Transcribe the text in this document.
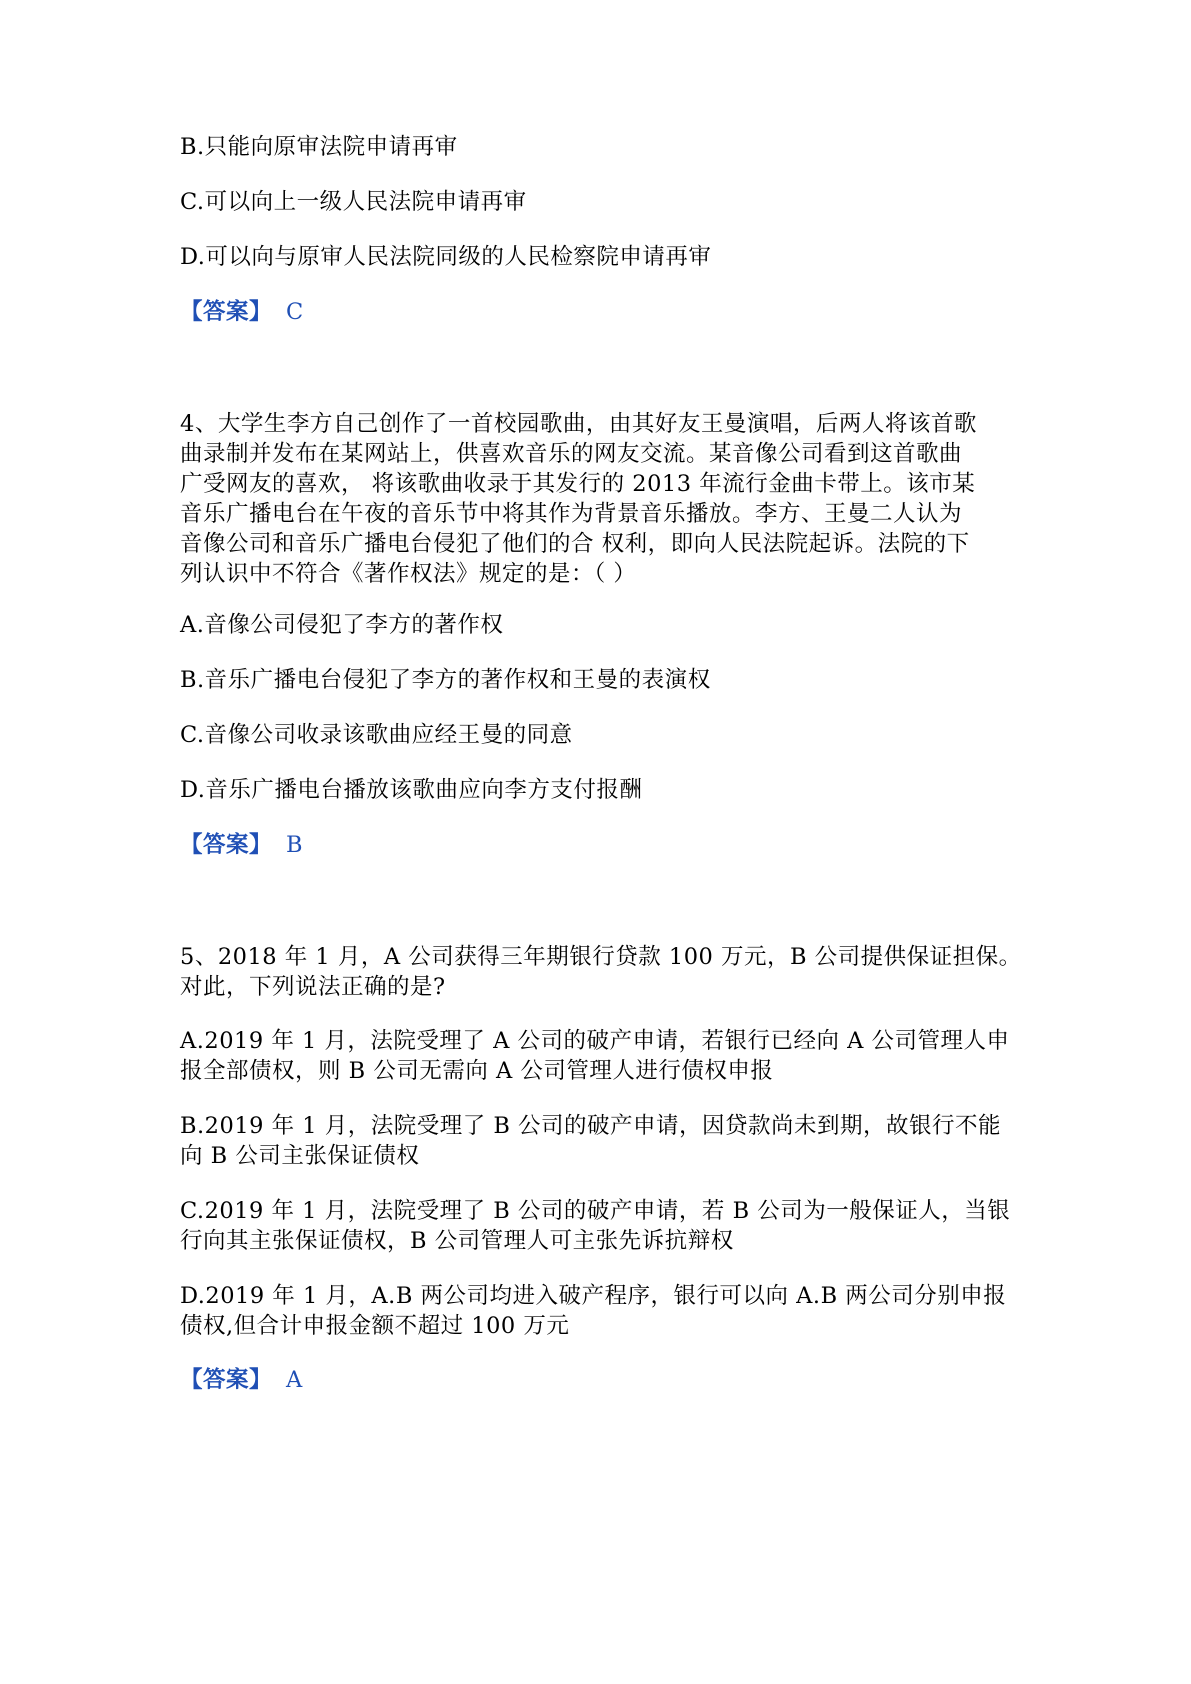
B.只能向原审法院申请再审
C.可以向上一级人民法院申请再审
D.可以向与原审人民法院同级的人民检察院申请再审
【答案】 C
4、大学生李方自己创作了一首校园歌曲，由其好友王曼演唱，后两人将该首歌
曲录制并发布在某网站上，供喜欢音乐的网友交流。某音像公司看到这首歌曲
广受网友的喜欢， 将该歌曲收录于其发行的 2013 年流行金曲卡带上。该市某
音乐广播电台在午夜的音乐节中将其作为背景音乐播放。李方、王曼二人认为
音像公司和音乐广播电台侵犯了他们的合 权利，即向人民法院起诉。法院的下
列认识中不符合《著作权法》规定的是：（ ）
A.音像公司侵犯了李方的著作权
B.音乐广播电台侵犯了李方的著作权和王曼的表演权
C.音像公司收录该歌曲应经王曼的同意
D.音乐广播电台播放该歌曲应向李方支付报酬
【答案】 B
5、2018 年 1 月，A 公司获得三年期银行贷款 100 万元，B 公司提供保证担保。
对此，下列说法正确的是?
A.2019 年 1 月，法院受理了 A 公司的破产申请，若银行已经向 A 公司管理人申
报全部债权，则 B 公司无需向 A 公司管理人进行债权申报
B.2019 年 1 月，法院受理了 B 公司的破产申请，因贷款尚未到期，故银行不能
向 B 公司主张保证债权
C.2019 年 1 月，法院受理了 B 公司的破产申请，若 B 公司为一般保证人，当银
行向其主张保证债权，B 公司管理人可主张先诉抗辩权
D.2019 年 1 月，A.B 两公司均进入破产程序，银行可以向 A.B 两公司分别申报
债权,但合计申报金额不超过 100 万元
【答案】 A
